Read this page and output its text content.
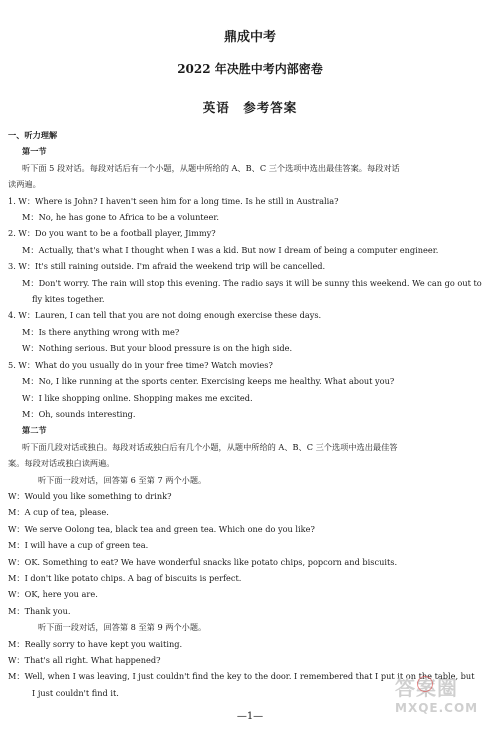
鼎成中考
2022 年决胜中考内部密卷
英语　参考答案
一、听力理解
第一节
听下面 5 段对话。每段对话后有一个小题，从题中所给的 A、B、C 三个选项中选出最佳答案。每段对话
读两遍。
1. W：Where is John? I haven't seen him for a long time. Is he still in Australia?
M：No, he has gone to Africa to be a volunteer.
2. W：Do you want to be a football player, Jimmy?
M：Actually, that's what I thought when I was a kid. But now I dream of being a computer engineer.
3. W：It's still raining outside. I'm afraid the weekend trip will be cancelled.
M：Don't worry. The rain will stop this evening. The radio says it will be sunny this weekend. We can go out to
fly kites together.
4. W：Lauren, I can tell that you are not doing enough exercise these days.
M：Is there anything wrong with me?
W：Nothing serious. But your blood pressure is on the high side.
5. W：What do you usually do in your free time? Watch movies?
M：No, I like running at the sports center. Exercising keeps me healthy. What about you?
W：I like shopping online. Shopping makes me excited.
M：Oh, sounds interesting.
第二节
听下面几段对话或独白。每段对话或独白后有几个小题，从题中所给的 A、B、C 三个选项中选出最佳答
案。每段对话或独白读两遍。
听下面一段对话，回答第 6 至第 7 两个小题。
W：Would you like something to drink?
M：A cup of tea, please.
W：We serve Oolong tea, black tea and green tea. Which one do you like?
M：I will have a cup of green tea.
W：OK. Something to eat? We have wonderful snacks like potato chips, popcorn and biscuits.
M：I don't like potato chips. A bag of biscuits is perfect.
W：OK, here you are.
M：Thank you.
听下面一段对话，回答第 8 至第 9 两个小题。
M：Really sorry to have kept you waiting.
W：That's all right. What happened?
M：Well, when I was leaving, I just couldn't find the key to the door. I remembered that I put it on the table, but
I just couldn't find it.
—1—
答案圈
MXQE.COM
